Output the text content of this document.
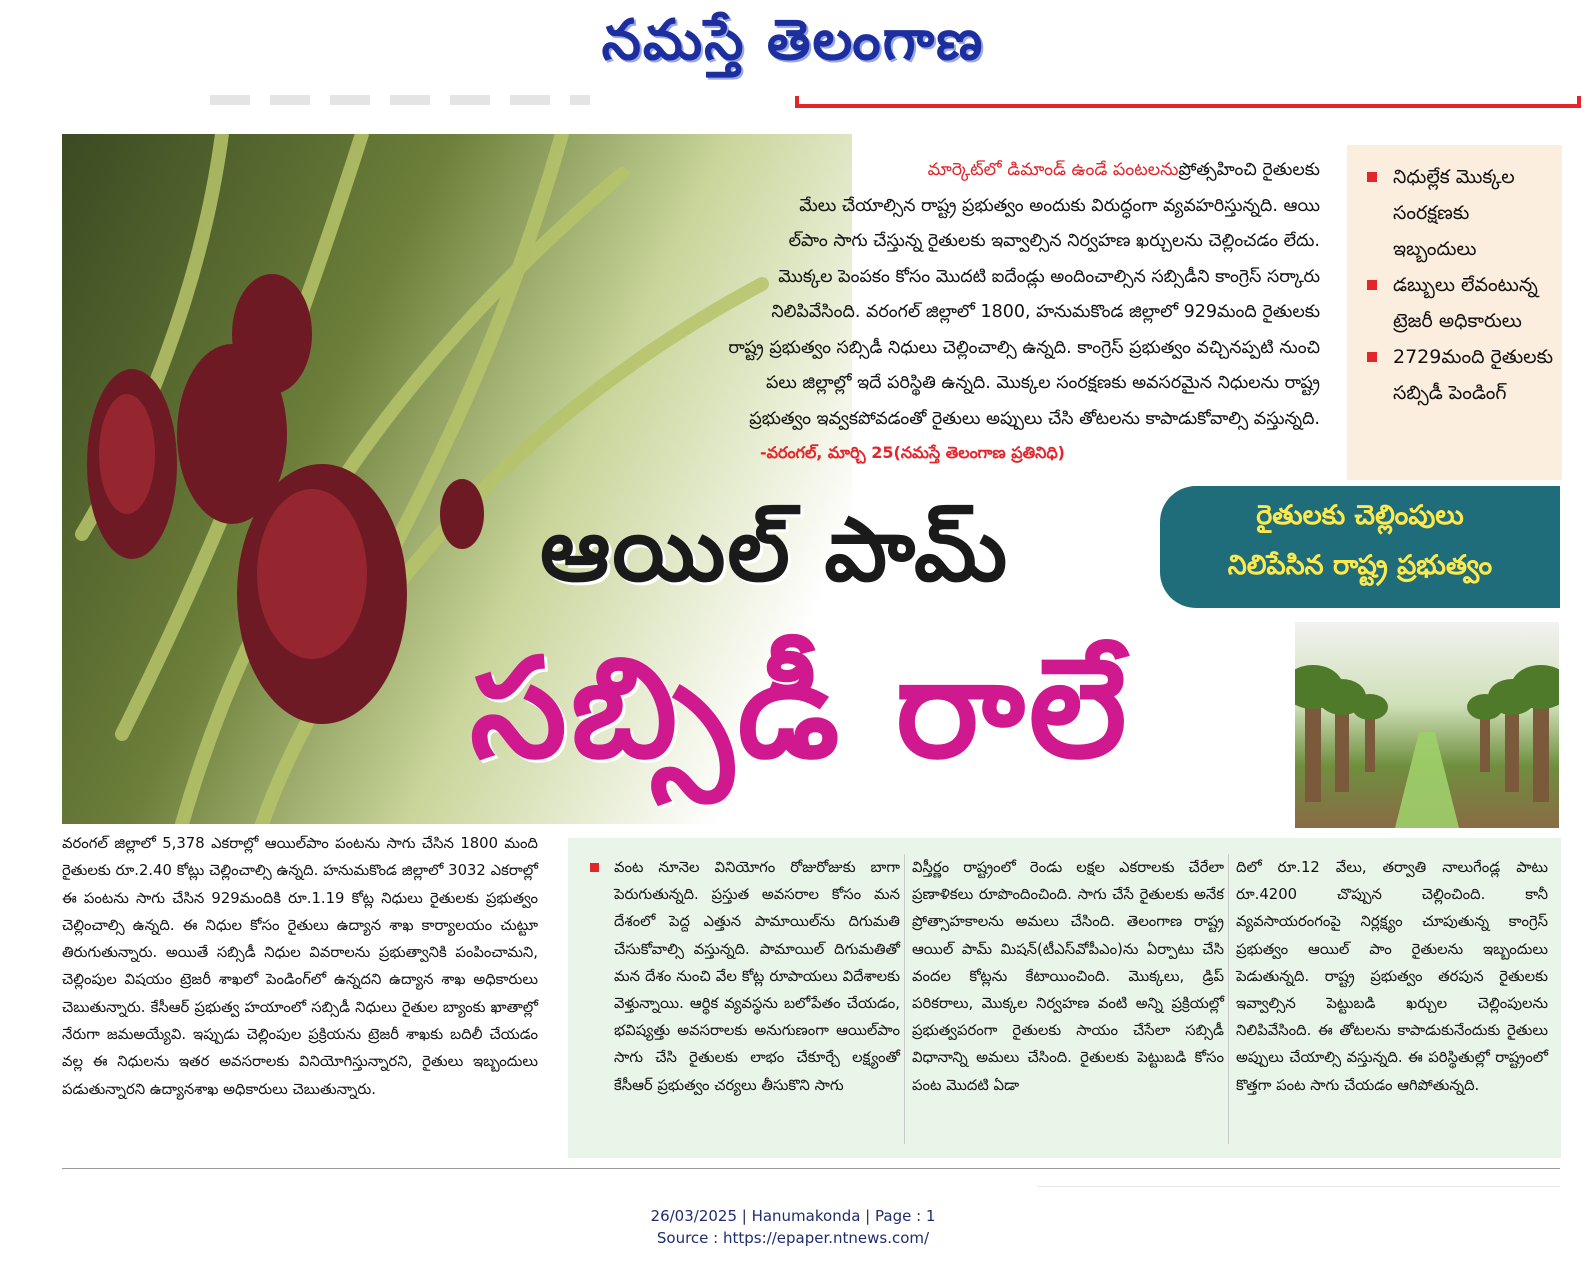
నమస్తే తెలంగాణ
మార్కెట్‌లో డిమాండ్ ఉండే పంటలనుప్రోత్సహించి రైతులకు
మేలు చేయాల్సిన రాష్ట్ర ప్రభుత్వం అందుకు విరుద్ధంగా వ్యవహరిస్తున్నది. ఆయి
ల్‌పాం సాగు చేస్తున్న రైతులకు ఇవ్వాల్సిన నిర్వహణ ఖర్చులను చెల్లించడం లేదు.
మొక్కల పెంపకం కోసం మొదటి ఐదేండ్లు అందించాల్సిన సబ్సిడీని కాంగ్రెస్ సర్కారు
నిలిపివేసింది. వరంగల్ జిల్లాలో 1800, హనుమకొండ జిల్లాలో 929మంది రైతులకు
రాష్ట్ర ప్రభుత్వం సబ్సిడీ నిధులు చెల్లించాల్సి ఉన్నది. కాంగ్రెస్ ప్రభుత్వం వచ్చినప్పటి నుంచి
పలు జిల్లాల్లో ఇదే పరిస్థితి ఉన్నది. మొక్కల సంరక్షణకు అవసరమైన నిధులను రాష్ట్ర
ప్రభుత్వం ఇవ్వకపోవడంతో రైతులు అప్పులు చేసి తోటలను కాపాడుకోవాల్సి వస్తున్నది.
-వరంగల్, మార్చి 25(నమస్తే తెలంగాణ ప్రతినిధి)
నిధుల్లేక మొక్కల సంరక్షణకు ఇబ్బందులు
డబ్బులు లేవంటున్న ట్రెజరీ అధికారులు
2729మంది రైతులకు సబ్సిడీ పెండింగ్
రైతులకు చెల్లింపులు
నిలిపేసిన రాష్ట్ర ప్రభుత్వం
ఆయిల్ పామ్
సబ్సిడీ రాలే
వరంగల్ జిల్లాలో 5,378 ఎకరాల్లో ఆయిల్‌పాం పంటను సాగు చేసిన 1800 మంది రైతులకు రూ.2.40 కోట్లు చెల్లించాల్సి ఉన్నది. హనుమకొండ జిల్లాలో 3032 ఎకరాల్లో ఈ పంటను సాగు చేసిన 929మందికి రూ.1.19 కోట్ల నిధులు రైతులకు ప్రభుత్వం చెల్లించాల్సి ఉన్నది. ఈ నిధుల కోసం రైతులు ఉద్యాన శాఖ కార్యాలయం చుట్టూ తిరుగుతున్నారు. అయితే సబ్సిడీ నిధుల వివరాలను ప్రభుత్వానికి పంపించామని, చెల్లింపుల విషయం ట్రెజరీ శాఖలో పెండింగ్‌లో ఉన్నదని ఉద్యాన శాఖ అధికారులు చెబుతున్నారు. కేసీఆర్ ప్రభుత్వ హయాంలో సబ్సిడీ నిధులు రైతుల బ్యాంకు ఖాతాల్లో నేరుగా జమఅయ్యేవి. ఇప్పుడు చెల్లింపుల ప్రక్రియను ట్రెజరీ శాఖకు బదిలీ చేయడం వల్ల ఈ నిధులను ఇతర అవసరాలకు వినియోగిస్తున్నారని, రైతులు ఇబ్బందులు పడుతున్నారని ఉద్యానశాఖ అధికారులు చెబుతున్నారు.
వంట నూనెల వినియోగం రోజురోజుకు బాగా పెరుగుతున్నది. ప్రస్తుత అవసరాల కోసం మన దేశంలో పెద్ద ఎత్తున పామాయిల్‌ను దిగుమతి చేసుకోవాల్సి వస్తున్నది. పామాయిల్ దిగుమతితో మన దేశం నుంచి వేల కోట్ల రూపాయలు విదేశాలకు వెళ్తున్నాయి. ఆర్థిక వ్యవస్థను బలోపేతం చేయడం, భవిష్యత్తు అవసరాలకు అనుగుణంగా ఆయిల్‌పాం సాగు చేసి రైతులకు లాభం చేకూర్చే లక్ష్యంతో కేసీఆర్ ప్రభుత్వం చర్యలు తీసుకొని సాగు
విస్తీర్ణం రాష్ట్రంలో రెండు లక్షల ఎకరాలకు చేరేలా ప్రణాళికలు రూపొందించింది. సాగు చేసే రైతులకు అనేక ప్రోత్సాహకాలను అమలు చేసింది. తెలంగాణ రాష్ట్ర ఆయిల్ పామ్ మిషన్(టీఎస్‌వోపీఎం)ను ఏర్పాటు చేసి వందల కోట్లను కేటాయించింది. మొక్కలు, డ్రిప్ పరికరాలు, మొక్కల నిర్వహణ వంటి అన్ని ప్రక్రియల్లో ప్రభుత్వపరంగా రైతులకు సాయం చేసేలా సబ్సిడీ విధానాన్ని అమలు చేసింది. రైతులకు పెట్టుబడి కోసం పంట మొదటి ఏడా
దిలో రూ.12 వేలు, తర్వాతి నాలుగేండ్ల పాటు రూ.4200 చొప్పున చెల్లించింది. కానీ వ్యవసాయరంగంపై నిర్లక్ష్యం చూపుతున్న కాంగ్రెస్ ప్రభుత్వం ఆయిల్ పాం రైతులను ఇబ్బందులు పెడుతున్నది. రాష్ట్ర ప్రభుత్వం తరపున రైతులకు ఇవ్వాల్సిన పెట్టుబడి ఖర్చుల చెల్లింపులను నిలిపివేసింది. ఈ తోటలను కాపాడుకునేందుకు రైతులు అప్పులు చేయాల్సి వస్తున్నది. ఈ పరిస్థితుల్లో రాష్ట్రంలో కొత్తగా పంట సాగు చేయడం ఆగిపోతున్నది.
26/03/2025 | Hanumakonda | Page : 1
Source : https://epaper.ntnews.com/
